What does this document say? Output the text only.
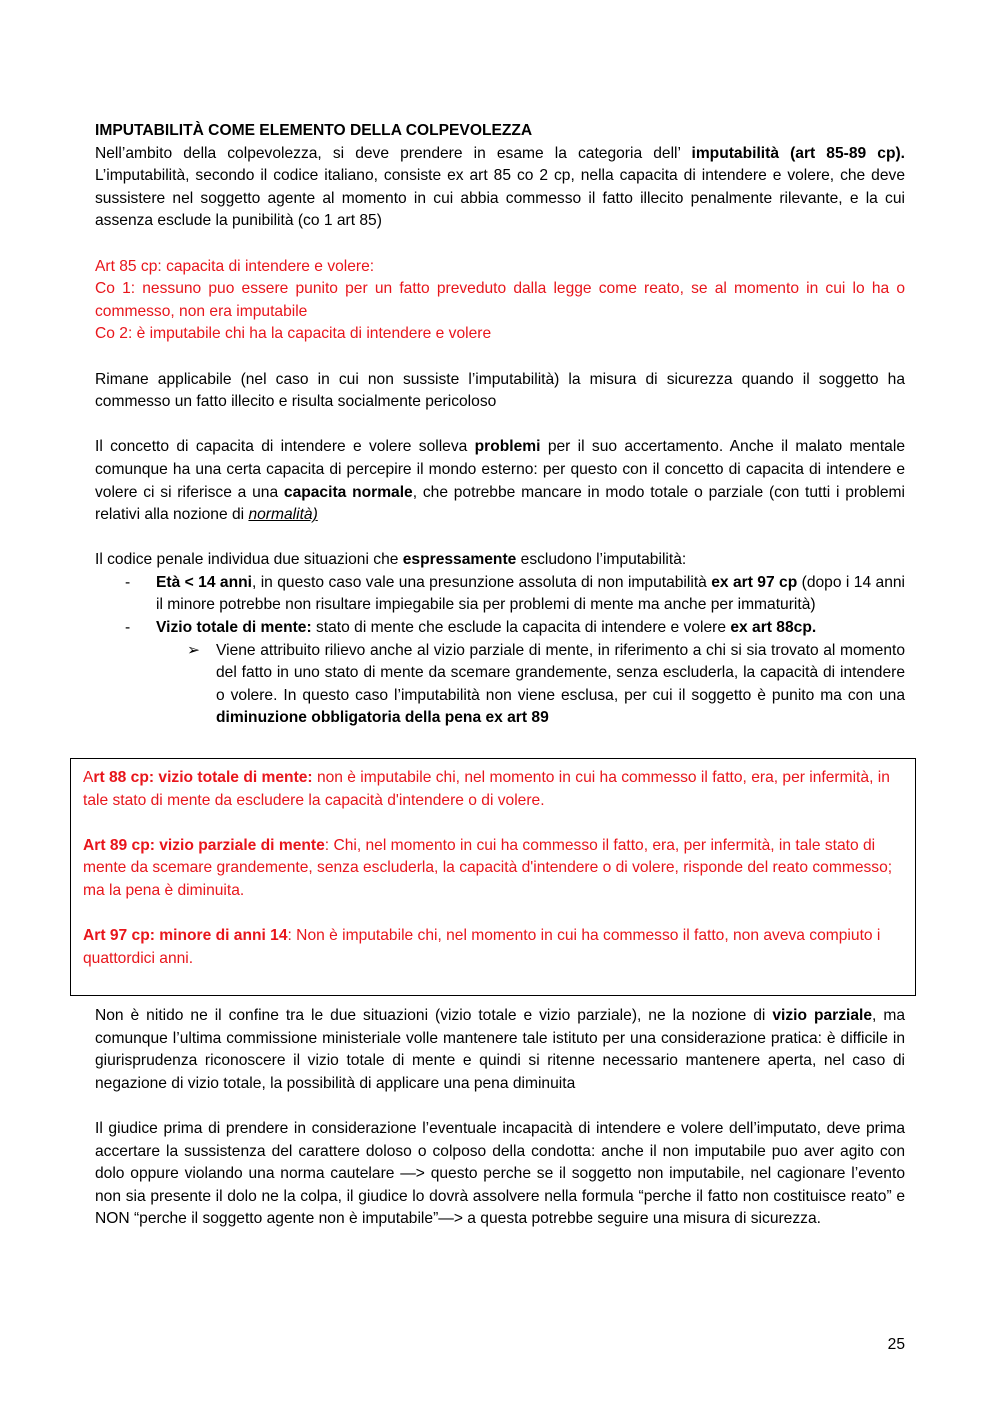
IMPUTABILITÀ COME ELEMENTO DELLA COLPEVOLEZZA

Nell’ambito della colpevolezza, si deve prendere in esame la categoria dell’ imputabilità (art 85-89 cp). L’imputabilità, secondo il codice italiano, consiste ex art 85 co 2 cp, nella capacita di intendere e volere, che deve sussistere nel soggetto agente al momento in cui abbia commesso il fatto illecito penalmente rilevante, e la cui assenza esclude la punibilità (co 1 art 85)

Art 85 cp: capacita di intendere e volere:

Co 1: nessuno puo essere punito per un fatto preveduto dalla legge come reato, se al momento in cui lo ha o commesso, non era imputabile

Co 2: è imputabile chi ha la capacita di intendere e volere

Rimane applicabile (nel caso in cui non sussiste l’imputabilità) la misura di sicurezza quando il soggetto ha commesso un fatto illecito e risulta socialmente pericoloso

Il concetto di capacita di intendere e volere solleva problemi per il suo accertamento. Anche il malato mentale comunque ha una certa capacita di percepire il mondo esterno: per questo con il concetto di capacita di intendere e volere ci si riferisce a una capacita normale, che potrebbe mancare in modo totale o parziale (con tutti i problemi relativi alla nozione di normalità)

Il codice penale individua due situazioni che espressamente escludono l’imputabilità:

- Età < 14 anni, in questo caso vale una presunzione assoluta di non imputabilità ex art 97 cp (dopo i 14 anni il minore potrebbe non risultare impiegabile sia per problemi di mente ma anche per immaturità)
- Vizio totale di mente: stato di mente che esclude la capacita di intendere e volere ex art 88cp.
➢ Viene attribuito rilievo anche al vizio parziale di mente, in riferimento a chi si sia trovato al momento del fatto in uno stato di mente da scemare grandemente, senza escluderla, la capacità di intendere o volere. In questo caso l’imputabilità non viene esclusa, per cui il soggetto è punito ma con una diminuzione obbligatoria della pena ex art 89

Art 88 cp: vizio totale di mente: non è imputabile chi, nel momento in cui ha commesso il fatto, era, per infermità, in tale stato di mente da escludere la capacità d'intendere o di volere.

Art 89 cp: vizio parziale di mente: Chi, nel momento in cui ha commesso il fatto, era, per infermità, in tale stato di mente da scemare grandemente, senza escluderla, la capacità d'intendere o di volere, risponde del reato commesso; ma la pena è diminuita.

Art 97 cp: minore di anni 14: Non è imputabile chi, nel momento in cui ha commesso il fatto, non aveva compiuto i quattordici anni.

Non è nitido ne il confine tra le due situazioni (vizio totale e vizio parziale), ne la nozione di vizio parziale, ma comunque l’ultima commissione ministeriale volle mantenere tale istituto per una considerazione pratica: è difficile in giurisprudenza riconoscere il vizio totale di mente e quindi si ritenne necessario mantenere aperta, nel caso di negazione di vizio totale, la possibilità di applicare una pena diminuita

Il giudice prima di prendere in considerazione l’eventuale incapacità di intendere e volere dell’imputato, deve prima accertare la sussistenza del carattere doloso o colposo della condotta: anche il non imputabile puo aver agito con dolo oppure violando una norma cautelare —> questo perche se il soggetto non imputabile, nel cagionare l’evento non sia presente il dolo ne la colpa, il giudice lo dovrà assolvere nella formula “perche il fatto non costituisce reato” e NON “perche il soggetto agente non è imputabile”—> a questa potrebbe seguire una misura di sicurezza.

25
